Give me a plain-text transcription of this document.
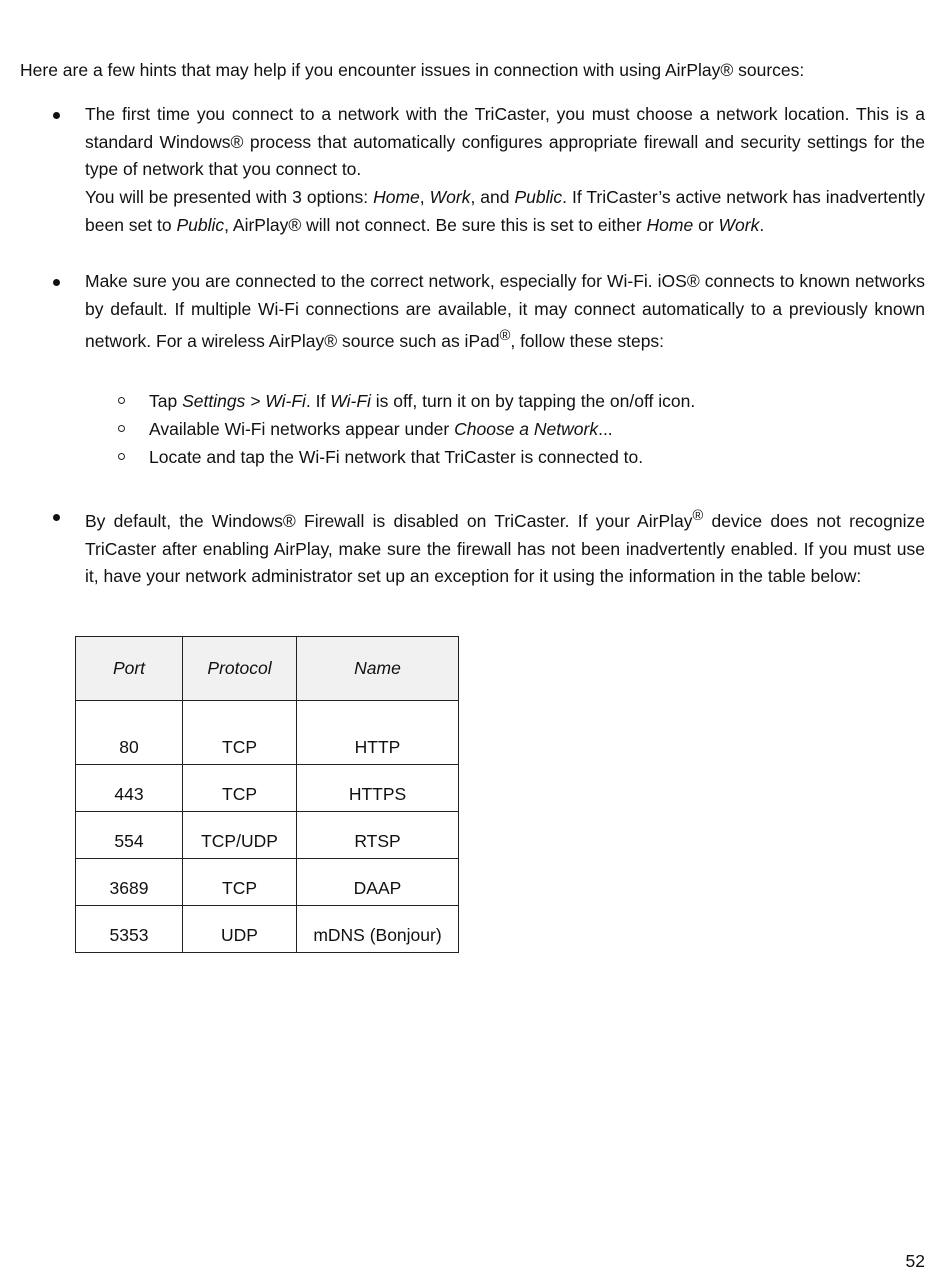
Here are a few hints that may help if you encounter issues in connection with using AirPlay® sources:

The first time you connect to a network with the TriCaster, you must choose a network location. This is a standard Windows® process that automatically configures appropriate firewall and security settings for the type of network that you connect to.

You will be presented with 3 options: Home, Work, and Public. If TriCaster’s active network has inadvertently been set to Public, AirPlay® will not connect. Be sure this is set to either Home or Work.

Make sure you are connected to the correct network, especially for Wi-Fi. iOS® connects to known networks by default. If multiple Wi-Fi connections are available, it may connect automatically to a previously known network. For a wireless AirPlay® source such as iPad®, follow these steps:

Tap Settings > Wi-Fi. If Wi-Fi is off, turn it on by tapping the on/off icon.
Available Wi-Fi networks appear under Choose a Network...
Locate and tap the Wi-Fi network that TriCaster is connected to.

By default, the Windows® Firewall is disabled on TriCaster. If your AirPlay® device does not recognize TriCaster after enabling AirPlay, make sure the firewall has not been inadvertently enabled. If you must use it, have your network administrator set up an exception for it using the information in the table below:

Port	Protocol	Name
80	TCP	HTTP
443	TCP	HTTPS
554	TCP/UDP	RTSP
3689	TCP	DAAP
5353	UDP	mDNS (Bonjour)
52
